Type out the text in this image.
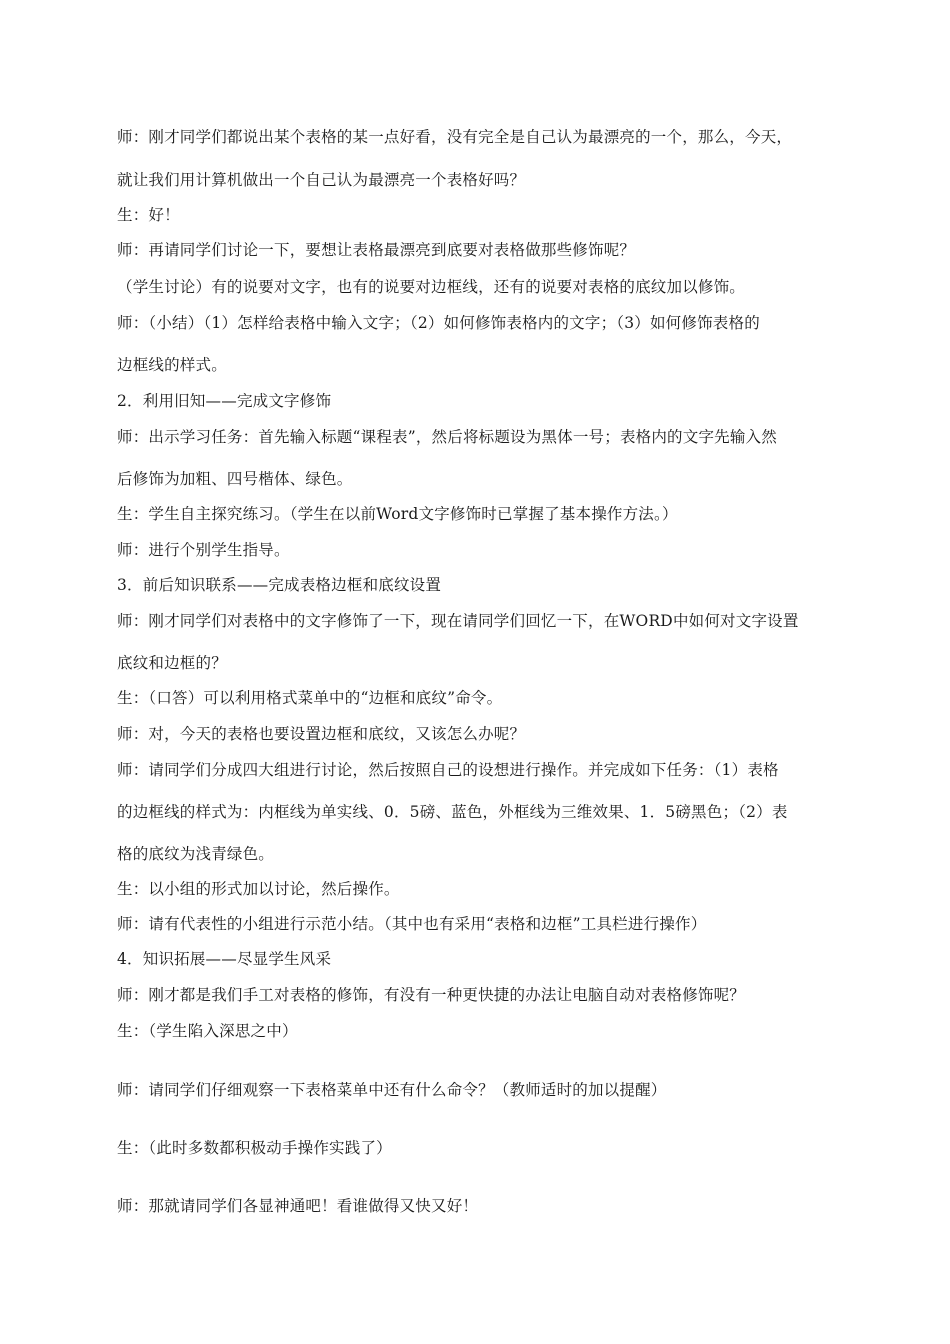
师：刚才同学们都说出某个表格的某一点好看，没有完全是自己认为最漂亮的一个，那么，今天，
就让我们用计算机做出一个自己认为最漂亮一个表格好吗？
生：好！
师：再请同学们讨论一下，要想让表格最漂亮到底要对表格做那些修饰呢？
（学生讨论）有的说要对文字，也有的说要对边框线，还有的说要对表格的底纹加以修饰。
师：（小结）（1）怎样给表格中输入文字；（2）如何修饰表格内的文字；（3）如何修饰表格的
边框线的样式。
2．利用旧知——完成文字修饰
师：出示学习任务：首先输入标题“课程表”，然后将标题设为黑体一号；表格内的文字先输入然
后修饰为加粗、四号楷体、绿色。
生：学生自主探究练习。（学生在以前Word文字修饰时已掌握了基本操作方法。）
师：进行个别学生指导。
3．前后知识联系——完成表格边框和底纹设置
师：刚才同学们对表格中的文字修饰了一下，现在请同学们回忆一下，在WORD中如何对文字设置
底纹和边框的？
生：（口答）可以利用格式菜单中的“边框和底纹”命令。
师：对，今天的表格也要设置边框和底纹，又该怎么办呢？
师：请同学们分成四大组进行讨论，然后按照自己的设想进行操作。并完成如下任务：（1）表格
的边框线的样式为：内框线为单实线、0．5磅、蓝色，外框线为三维效果、1．5磅黑色；（2）表
格的底纹为浅青绿色。
生：以小组的形式加以讨论，然后操作。
师：请有代表性的小组进行示范小结。（其中也有采用“表格和边框”工具栏进行操作）
4．知识拓展——尽显学生风采
师：刚才都是我们手工对表格的修饰，有没有一种更快捷的办法让电脑自动对表格修饰呢？
生：（学生陷入深思之中）
师：请同学们仔细观察一下表格菜单中还有什么命令？（教师适时的加以提醒）
生：（此时多数都积极动手操作实践了）
师：那就请同学们各显神通吧！看谁做得又快又好！
